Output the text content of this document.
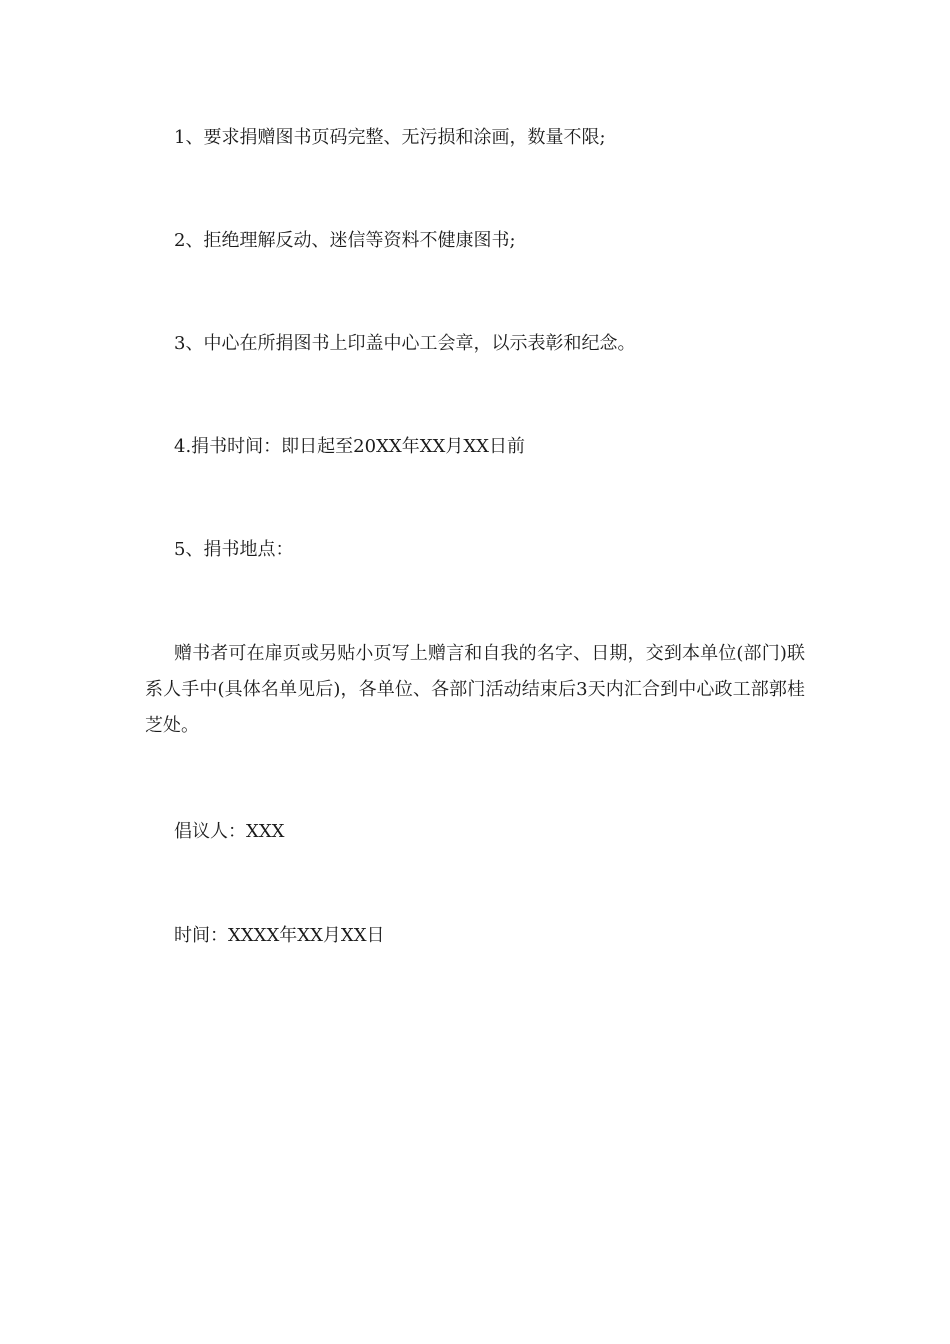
1、要求捐赠图书页码完整、无污损和涂画，数量不限;
2、拒绝理解反动、迷信等资料不健康图书;
3、中心在所捐图书上印盖中心工会章，以示表彰和纪念。
4.捐书时间：即日起至20XX年XX月XX日前
5、捐书地点：

赠书者可在扉页或另贴小页写上赠言和自我的名字、日期，交到本单位(部门)联系人手中(具体名单见后)，各单位、各部门活动结束后3天内汇合到中心政工部郭桂芝处。

倡议人：XXX
时间：XXXX年XX月XX日
